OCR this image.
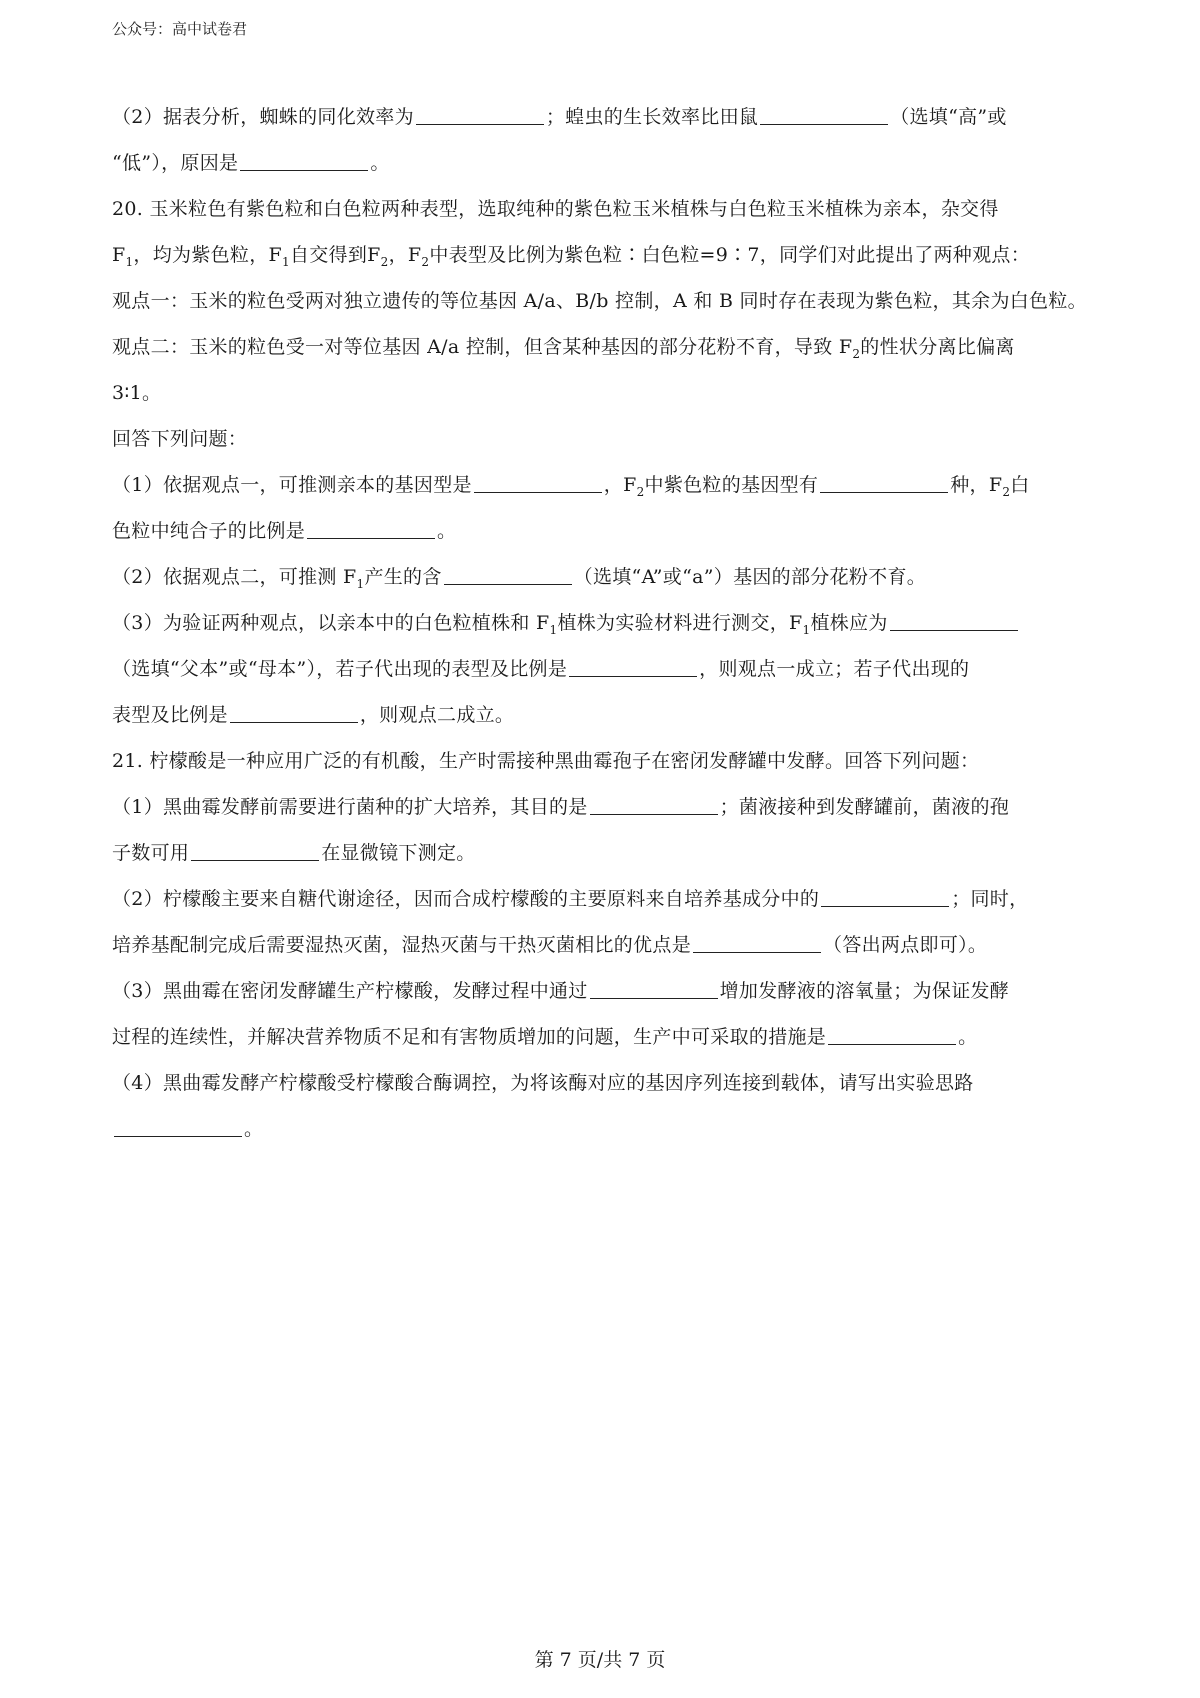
公众号：高中试卷君

（2）据表分析，蜘蛛的同化效率为	；蝗虫的生长效率比田鼠	（选填“高”或
“低”），原因是	。

20. 玉米粒色有紫色粒和白色粒两种表型，选取纯种的紫色粒玉米植株与白色粒玉米植株为亲本，杂交得
$F_1$，均为紫色粒，$F_1$自交得到$F_2$，$F_2$中表型及比例为紫色粒∶白色粒=9∶7，同学们对此提出了两种观点：

观点一：玉米的粒色受两对独立遗传的等位基因 A/a、B/b 控制，A 和 B 同时存在表现为紫色粒，其余为白色粒。

观点二：玉米的粒色受一对等位基因 A/a 控制，但含某种基因的部分花粉不育，导致 $F_2$的性状分离比偏离
3∶1。

回答下列问题：

（1）依据观点一，可推测亲本的基因型是	，$F_2$中紫色粒的基因型有	种，$F_2$白
色粒中纯合子的比例是	。

（2）依据观点二，可推测 $F_1$产生的含	（选填“A”或“a”）基因的部分花粉不育。

（3）为验证两种观点，以亲本中的白色粒植株和 $F_1$植株为实验材料进行测交，$F_1$植株应为
（选填“父本”或“母本”），若子代出现的表型及比例是	，则观点一成立；若子代出现的
表型及比例是	，则观点二成立。

21. 柠檬酸是一种应用广泛的有机酸，生产时需接种黑曲霉孢子在密闭发酵罐中发酵。回答下列问题：

（1）黑曲霉发酵前需要进行菌种的扩大培养，其目的是	；菌液接种到发酵罐前，菌液的孢
子数可用	在显微镜下测定。

（2）柠檬酸主要来自糖代谢途径，因而合成柠檬酸的主要原料来自培养基成分中的	；同时，
培养基配制完成后需要湿热灭菌，湿热灭菌与干热灭菌相比的优点是	（答出两点即可）。

（3）黑曲霉在密闭发酵罐生产柠檬酸，发酵过程中通过	增加发酵液的溶氧量；为保证发酵
过程的连续性，并解决营养物质不足和有害物质增加的问题，生产中可采取的措施是	。

（4）黑曲霉发酵产柠檬酸受柠檬酸合酶调控，为将该酶对应的基因序列连接到载体，请写出实验思路
。

第 7 页/共 7 页
